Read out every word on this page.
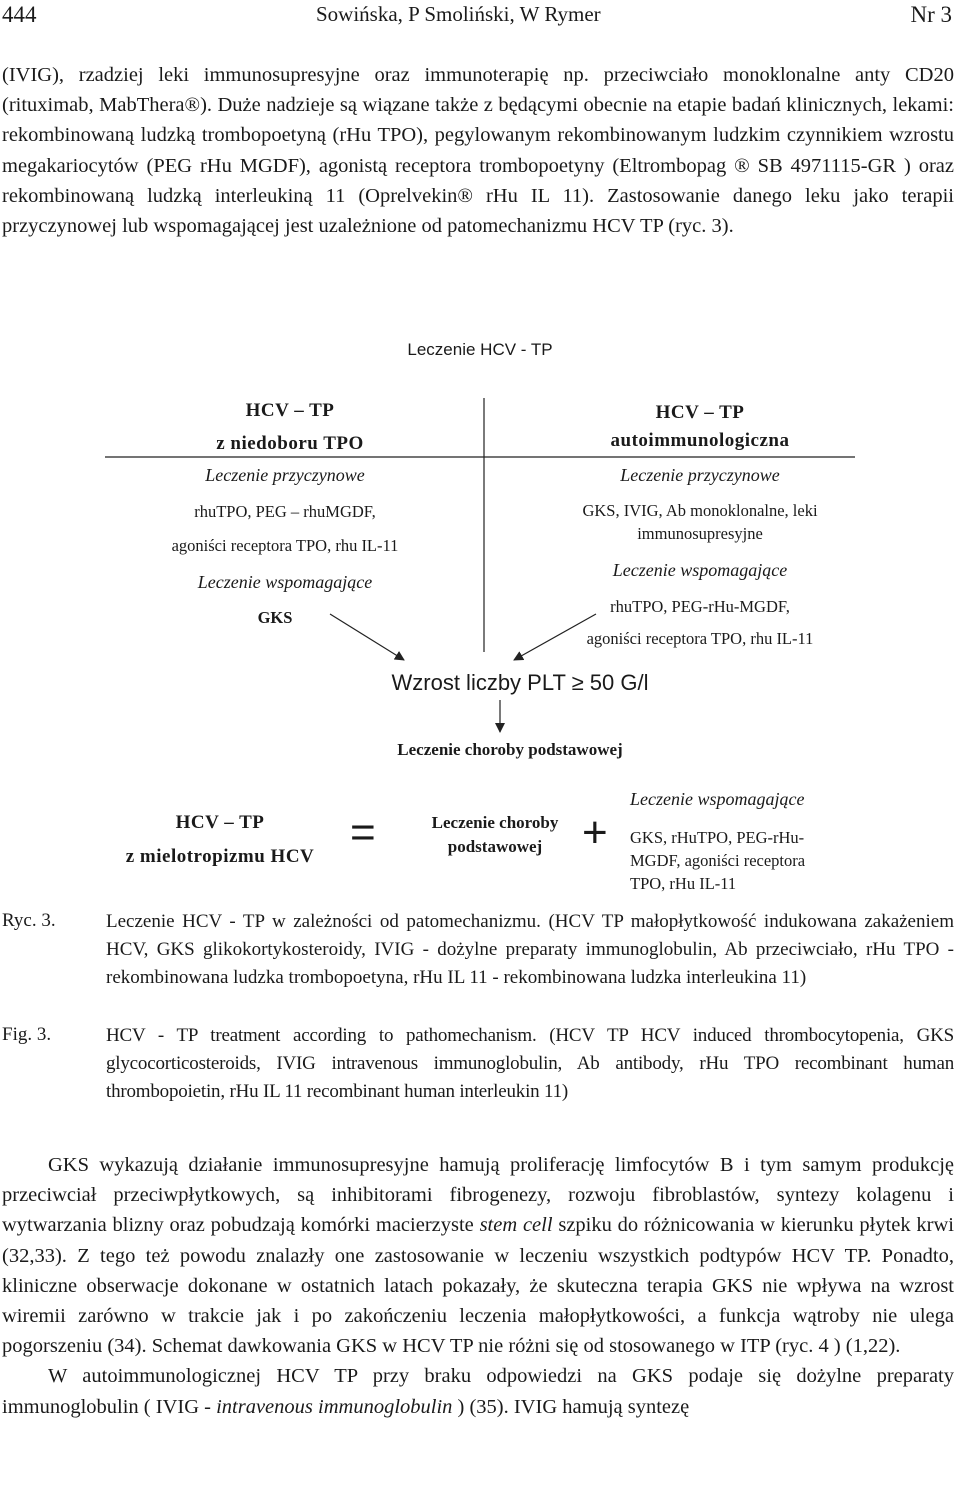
444	Sowińska, P Smoliński, W Rymer	Nr 3

(IVIG), rzadziej leki immunosupresyjne oraz immunoterapię np. przeciwciało monoklonalne anty CD20 (rituximab, MabThera®). Duże nadzieje są wiązane także z będącymi obecnie na etapie badań klinicznych, lekami: rekombinowaną ludzką trombopoetyną (rHu TPO), pegylowanym rekombinowanym ludzkim czynnikiem wzrostu megakariocytów (PEG rHu MGDF), agonistą receptora trombopoetyny (Eltrombopag ® SB 4971115-GR ) oraz rekombinowaną ludzką interleukiną 11 (Oprelvekin® rHu IL 11). Zastosowanie danego leku jako terapii przyczynowej lub wspomagającej jest uzależnione od patomechanizmu HCV TP (ryc. 3).

Leczenie HCV - TP
HCV – TP
z niedoboru TPO
Leczenie przyczynowe
rhuTPO, PEG – rhuMGDF,
agoniści receptora TPO, rhu IL-11
Leczenie wspomagające
GKS
HCV – TP
autoimmunologiczna
Leczenie przyczynowe
GKS, IVIG, Ab monoklonalne, leki
immunosupresyjne
Leczenie wspomagające
rhuTPO, PEG-rHu-MGDF,
agoniści receptora TPO, rhu IL-11
Wzrost liczby PLT ≥ 50 G/l
Leczenie choroby podstawowej
HCV – TP
z mielotropizmu HCV =	Leczenie choroby
podstawowej +
Leczenie wspomagające
GKS, rHuTPO, PEG-rHu-
MGDF, agoniści receptora
TPO, rHu IL-11
Ryc. 3.	Leczenie HCV - TP w zależności od patomechanizmu. (HCV TP małopłytkowość indukowana zakażeniem HCV, GKS glikokortykosteroidy, IVIG - dożylne preparaty immunoglobulin, Ab przeciwciało, rHu TPO - rekombinowana ludzka trombopoetyna, rHu IL 11 - rekombinowana ludzka interleukina 11)
Fig. 3.	HCV - TP treatment according to pathomechanism. (HCV TP HCV induced thrombocytopenia, GKS glycocorticosteroids, IVIG intravenous immunoglobulin, Ab antibody, rHu TPO recombinant human thrombopoietin, rHu IL 11 recombinant human interleukin 11)

GKS wykazują działanie immunosupresyjne hamują proliferację limfocytów B i tym samym produkcję przeciwciał przeciwpłytkowych, są inhibitorami fibrogenezy, rozwoju fibroblastów, syntezy kolagenu i wytwarzania blizny oraz pobudzają komórki macierzyste stem cell szpiku do różnicowania w kierunku płytek krwi (32,33). Z tego też powodu znalazły one zastosowanie w leczeniu wszystkich podtypów HCV TP. Ponadto, kliniczne obserwacje dokonane w ostatnich latach pokazały, że skuteczna terapia GKS nie wpływa na wzrost wiremii zarówno w trakcie jak i po zakończeniu leczenia małopłytkowości, a funkcja wątroby nie ulega pogorszeniu (34). Schemat dawkowania GKS w HCV TP nie różni się od stosowanego w ITP (ryc. 4 ) (1,22).

W autoimmunologicznej HCV TP przy braku odpowiedzi na GKS podaje się dożylne preparaty immunoglobulin ( IVIG - intravenous immunoglobulin ) (35). IVIG hamują syntezę
